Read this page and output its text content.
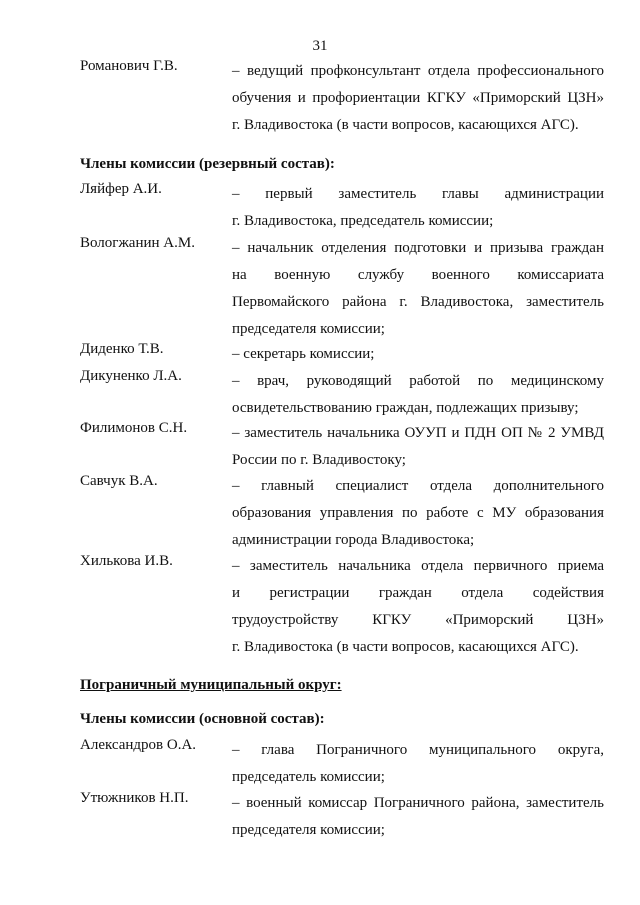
31
Романович Г.В.	– ведущий профконсультант отдела профессионального
обучения и профориентации КГКУ «Приморский ЦЗН»
г. Владивостока (в части вопросов, касающихся АГС).
Члены комиссии (резервный состав):
Ляйфер А.И.	– первый заместитель главы администрации
г. Владивостока, председатель комиссии;
Вологжанин А.М.	– начальник отделения подготовки и призыва граждан
на военную службу военного комиссариата
Первомайского района г. Владивостока, заместитель
председателя комиссии;
Диденко Т.В.	– секретарь комиссии;
Дикуненко Л.А.	– врач, руководящий работой по медицинскому
освидетельствованию граждан, подлежащих призыву;
Филимонов С.Н.	– заместитель начальника ОУУП и ПДН ОП № 2 УМВД
России по г. Владивостоку;
Савчук В.А.	– главный специалист отдела дополнительного
образования управления по работе с МУ образования
администрации города Владивостока;
Хилькова И.В.	– заместитель начальника отдела первичного приема
и регистрации граждан отдела содействия
трудоустройству КГКУ «Приморский ЦЗН»
г. Владивостока (в части вопросов, касающихся АГС).
Пограничный муниципальный округ:
Члены комиссии (основной состав):
Александров О.А.	– глава Пограничного муниципального округа,
председатель комиссии;
Утюжников Н.П.	– военный комиссар Пограничного района, заместитель
председателя комиссии;
